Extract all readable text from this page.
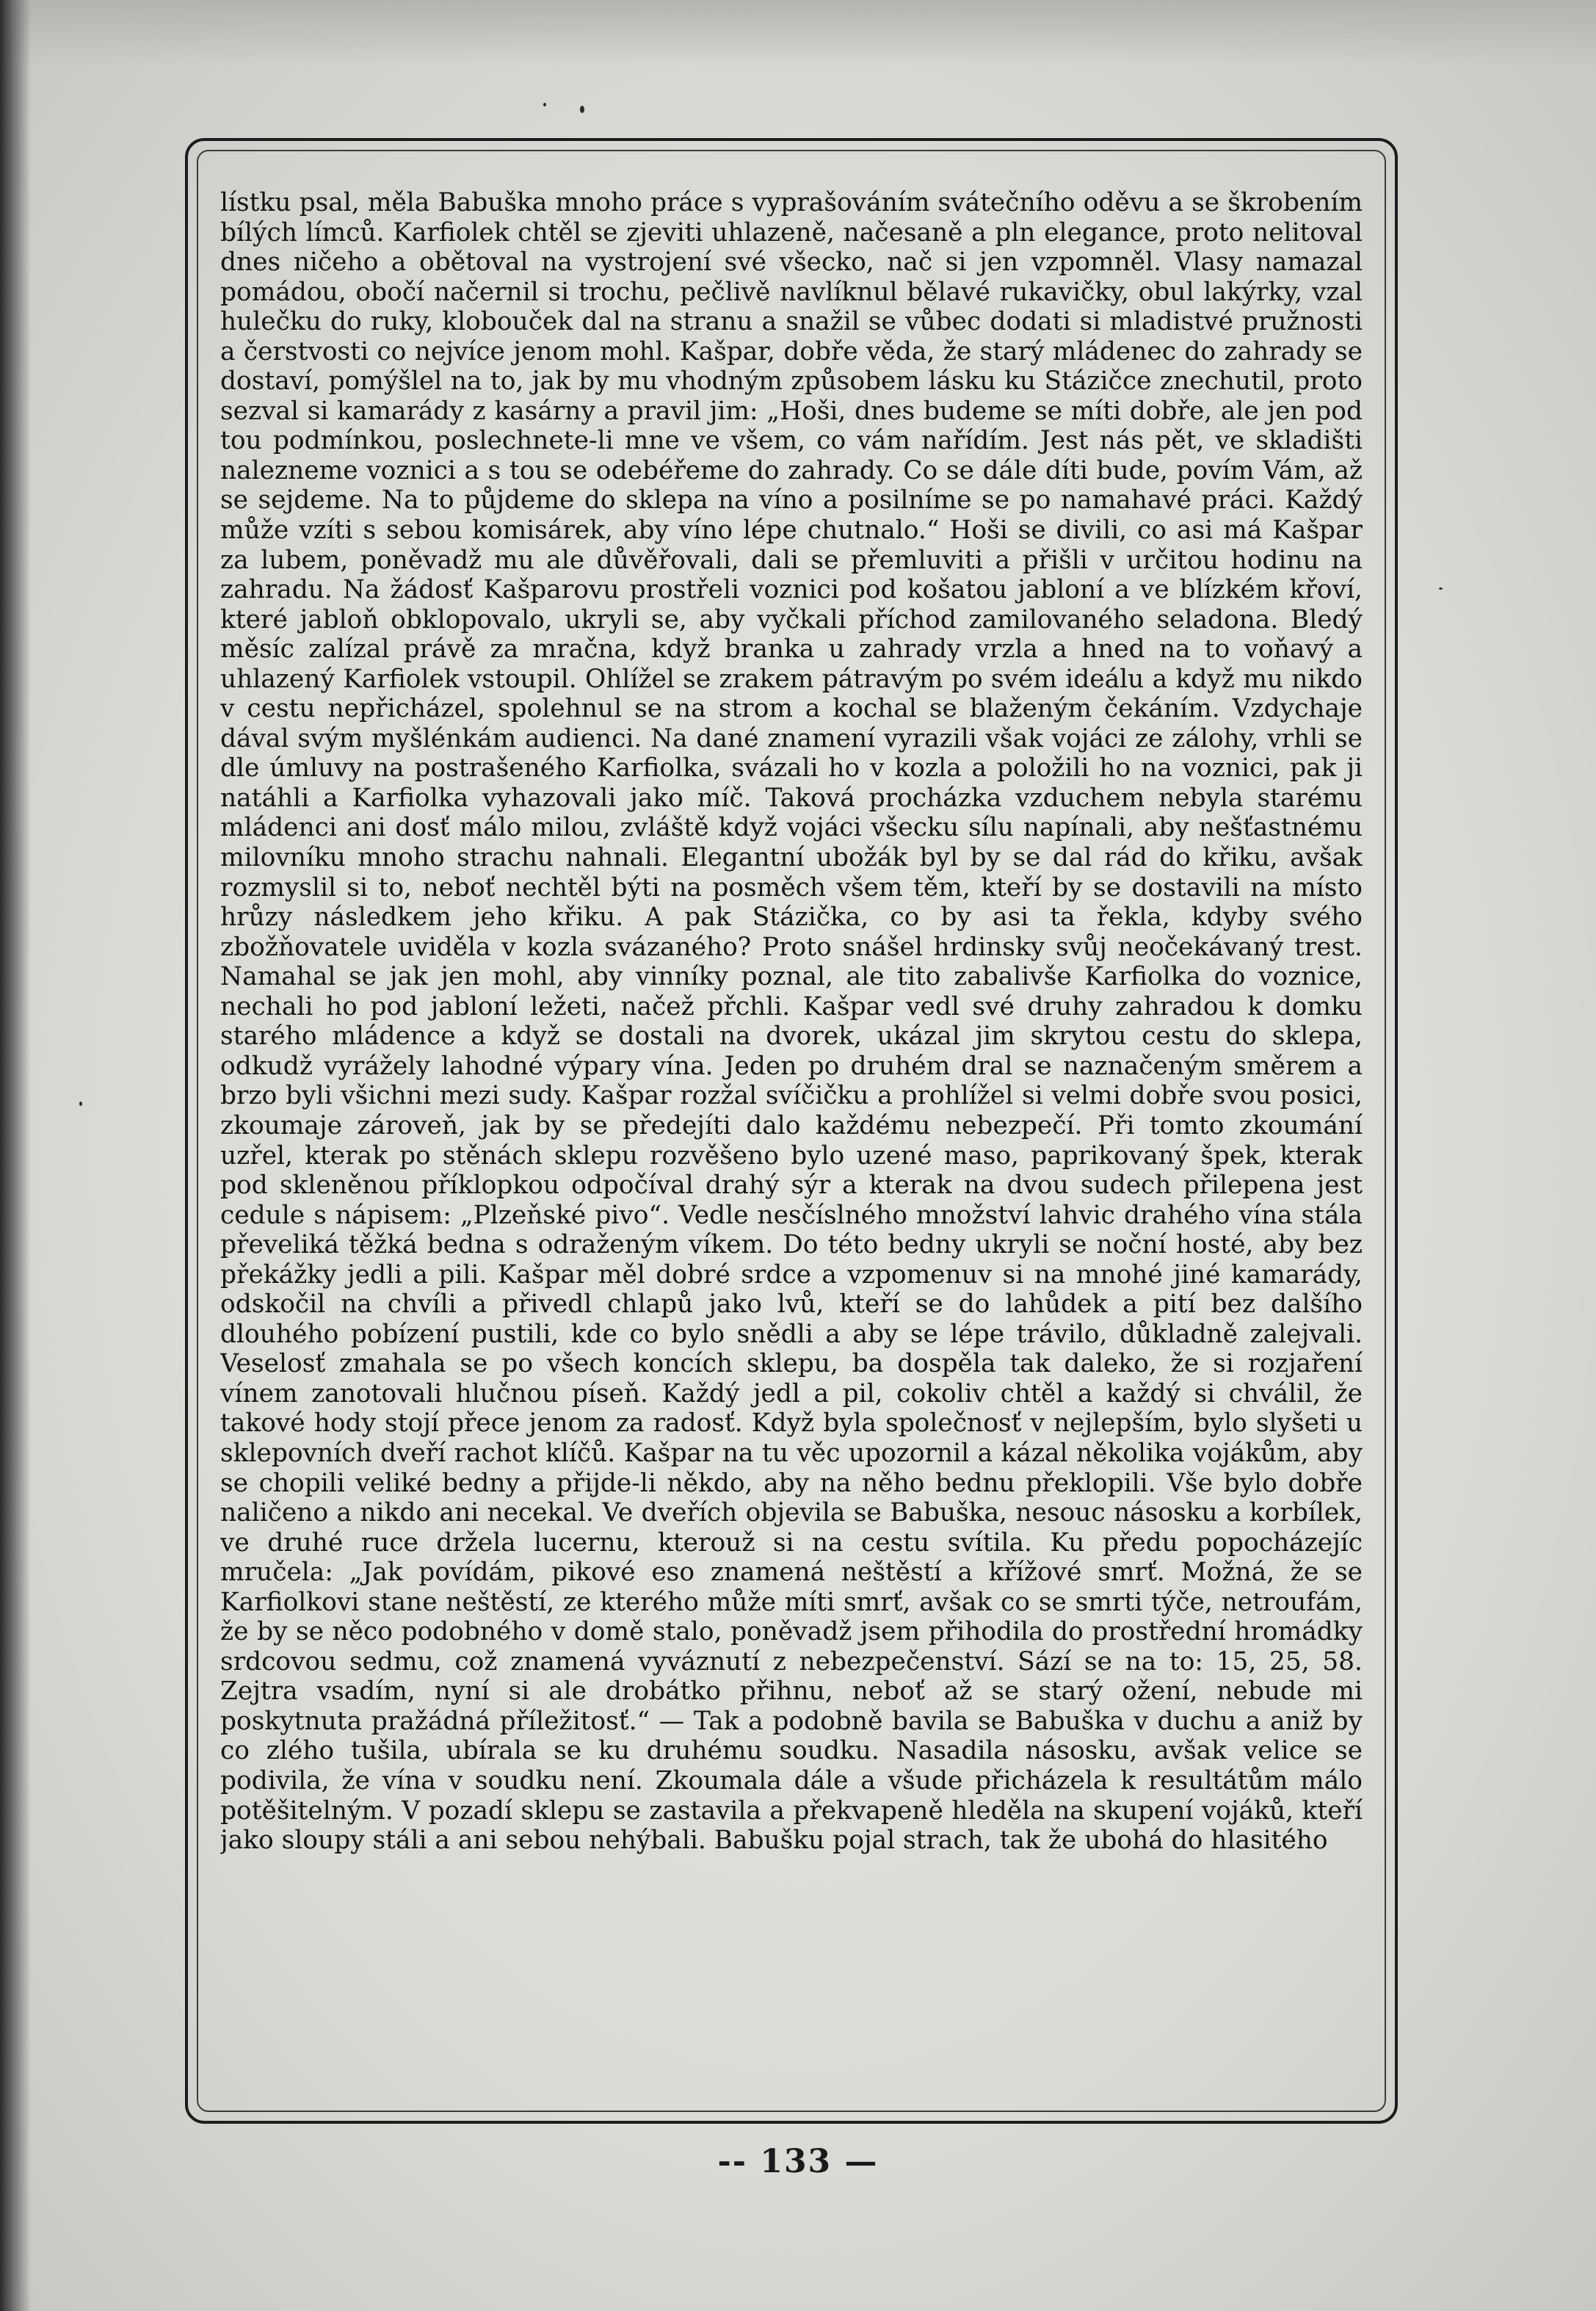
lístku psal, měla Babuška mnoho práce s vyprašováním svátečního oděvu a se škrobením bílých límců. Karfiolek chtěl se zjeviti uhlazeně, načesaně a pln elegance, proto nelitoval dnes ničeho a obětoval na vystrojení své všecko, nač si jen vzpomněl. Vlasy namazal pomádou, obočí načernil si trochu, pečlivě navlíknul bělavé rukavičky, obul lakýrky, vzal hulečku do ruky, klobouček dal na stranu a snažil se vůbec dodati si mladistvé pružnosti a čerstvosti co nejvíce jenom mohl. Kašpar, dobře věda, že starý mládenec do zahrady se dostaví, pomýšlel na to, jak by mu vhodným způsobem lásku ku Stázičce znechutil, proto sezval si kamarády z kasárny a pravil jim: „Hoši, dnes budeme se míti dobře, ale jen pod tou podmínkou, poslechnete-li mne ve všem, co vám nařídím. Jest nás pět, ve skladišti nalezneme voznici a s tou se odebéřeme do zahrady. Co se dále díti bude, povím Vám, až se sejdeme. Na to půjdeme do sklepa na víno a posilníme se po namahavé práci. Každý může vzíti s sebou komisárek, aby víno lépe chutnalo.“ Hoši se divili, co asi má Kašpar za lubem, poněvadž mu ale důvěřovali, dali se přemluviti a přišli v určitou hodinu na zahradu. Na žádosť Kašparovu prostřeli voznici pod košatou jabloní a ve blízkém křoví, které jabloň obklopovalo, ukryli se, aby vyčkali příchod zamilovaného seladona. Bledý měsíc zalízal právě za mračna, když branka u zahrady vrzla a hned na to voňavý a uhlazený Karfiolek vstoupil. Ohlížel se zrakem pátravým po svém ideálu a když mu nikdo v cestu nepřicházel, spolehnul se na strom a kochal se blaženým čekáním. Vzdychaje dával svým myšlénkám audienci. Na dané znamení vyrazili však vojáci ze zálohy, vrhli se dle úmluvy na postrašeného Karfiolka, svázali ho v kozla a položili ho na voznici, pak ji natáhli a Karfiolka vyhazovali jako míč. Taková procházka vzduchem nebyla starému mládenci ani dosť málo milou, zvláště když vojáci všecku sílu napínali, aby nešťastnému milovníku mnoho strachu nahnali. Elegantní ubožák byl by se dal rád do křiku, avšak rozmyslil si to, neboť nechtěl býti na posměch všem těm, kteří by se dostavili na místo hrůzy následkem jeho křiku. A pak Stázička, co by asi ta řekla, kdyby svého zbožňovatele uviděla v kozla svázaného? Proto snášel hrdinsky svůj neočekávaný trest. Namahal se jak jen mohl, aby vinníky poznal, ale tito zabalivše Karfiolka do voznice, nechali ho pod jabloní ležeti, načež přchli. Kašpar vedl své druhy zahradou k domku starého mládence a když se dostali na dvorek, ukázal jim skrytou cestu do sklepa, odkudž vyrážely lahodné výpary vína. Jeden po druhém dral se naznačeným směrem a brzo byli všichni mezi sudy. Kašpar rozžal svíčičku a prohlížel si velmi dobře svou posici, zkoumaje zároveň, jak by se předejíti dalo každému nebezpečí. Při tomto zkoumání uzřel, kterak po stěnách sklepu rozvěšeno bylo uzené maso, paprikovaný špek, kterak pod skleněnou příklopkou odpočíval drahý sýr a kterak na dvou sudech přilepena jest cedule s nápisem: „Plzeňské pivo“. Vedle nesčíslného množství lahvic drahého vína stála převeliká těžká bedna s odraženým víkem. Do této bedny ukryli se noční hosté, aby bez překážky jedli a pili. Kašpar měl dobré srdce a vzpomenuv si na mnohé jiné kamarády, odskočil na chvíli a přivedl chlapů jako lvů, kteří se do lahůdek a pití bez dalšího dlouhého pobízení pustili, kde co bylo snědli a aby se lépe trávilo, důkladně zalejvali. Veselosť zmahala se po všech koncích sklepu, ba dospěla tak daleko, že si rozjaření vínem zanotovali hlučnou píseň. Každý jedl a pil, cokoliv chtěl a každý si chválil, že takové hody stojí přece jenom za radosť. Když byla společnosť v nejlepším, bylo slyšeti u sklepovních dveří rachot klíčů. Kašpar na tu věc upozornil a kázal několika vojákům, aby se chopili veliké bedny a přijde-li někdo, aby na něho bednu překlopili. Vše bylo dobře naličeno a nikdo ani necekal. Ve dveřích objevila se Babuška, nesouc násosku a korbílek, ve druhé ruce držela lucernu, kterouž si na cestu svítila. Ku předu popocházejíc mručela: „Jak povídám, pikové eso znamená neštěstí a křížové smrť. Možná, že se Karfiolkovi stane neštěstí, ze kterého může míti smrť, avšak co se smrti týče, netroufám, že by se něco podobného v domě stalo, poněvadž jsem přihodila do prostřední hromádky srdcovou sedmu, což znamená vyváznutí z nebezpečenství. Sází se na to: 15, 25, 58. Zejtra vsadím, nyní si ale drobátko přihnu, neboť až se starý ožení, nebude mi poskytnuta pražádná příležitosť.“ — Tak a podobně bavila se Babuška v duchu a aniž by co zlého tušila, ubírala se ku druhému soudku. Nasadila násosku, avšak velice se podivila, že vína v soudku není. Zkoumala dále a všude přicházela k resultátům málo potěšitelným. V pozadí sklepu se zastavila a překvapeně hleděla na skupení vojáků, kteří jako sloupy stáli a ani sebou nehýbali. Babušku pojal strach, tak že ubohá do hlasitého

-- 133 —
